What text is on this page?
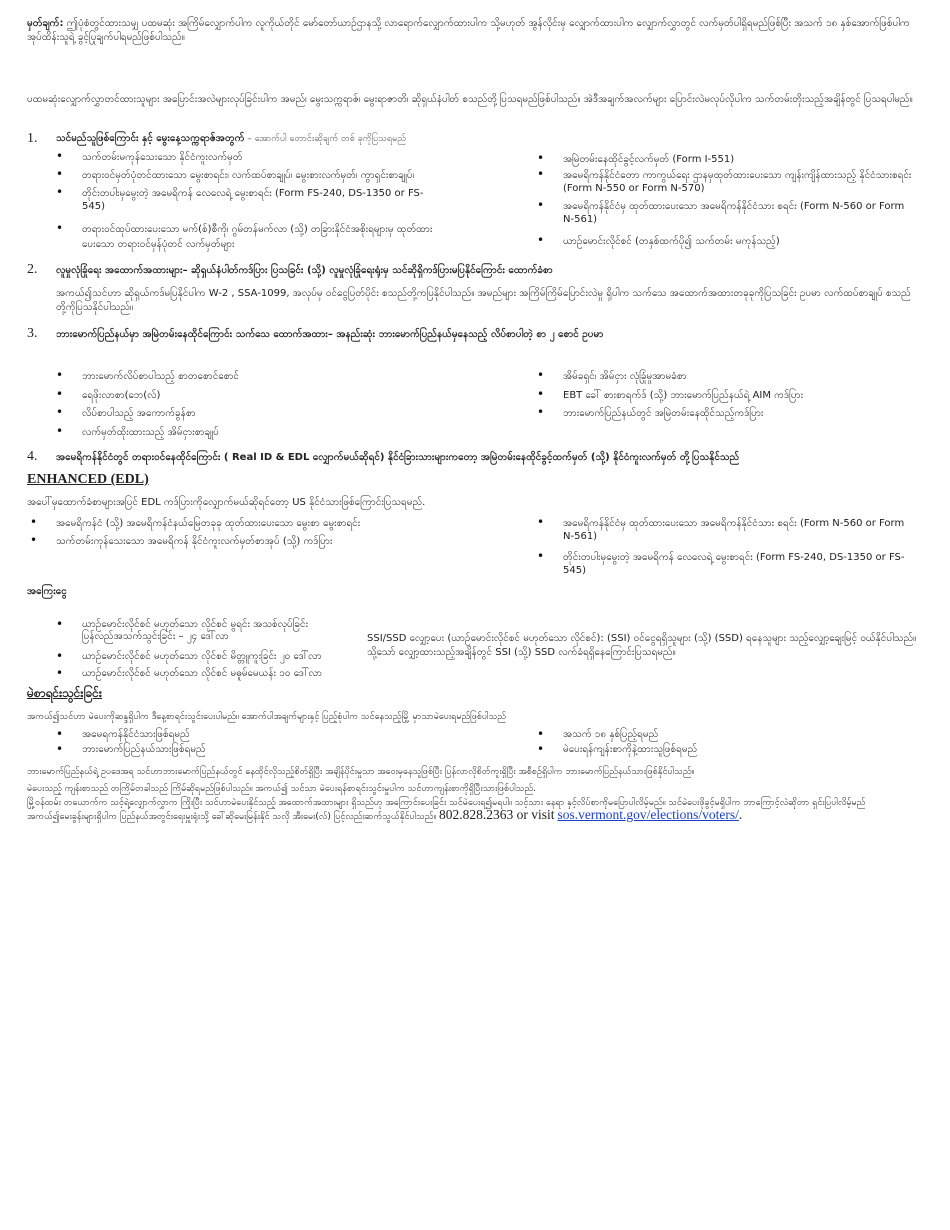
မှတ်ချက်: ဤပုံစံတွင်ထားသမျှ ပထမဆုံး အကြိမ်လျှောက်ပါက လူကိုယ်တိုင် မော်တော်ယာဉ်ဌာနသို့ လာရောက်လျှောက်ထားပါက သို့မဟုတ် အွန်လိုင်းမှ လျှောက်ထားပါက လျှောက်လွှာတွင် လက်မှတ်ပါရှိရမည်ဖြစ်ပြီး အသက် ၁၈ နှစ်အောက်ဖြစ်ပါက အုပ်ထိန်းသူရဲ့ ခွင့်ပြုချက်ပါရမည်ဖြစ်ပါသည်။
ပထမဆုံးလျှောက်လွှာတင်ထားသူများ အပြောင်းအလဲများလုပ်ခြင်းပါက အမည်၊ မွေးသက္ကရာဇ်၊ မွေးရာဇာတိ၊ ဆိုရှယ်နံပါတ် စသည်တို့ပြသရမည်ဖြစ်ပါသည်။ အဲဒီအချက်အလက်များ ပြောင်းလဲမလုပ်လိုပါက သက်တမ်းတိုးသည့်အချိန်တွင် ပြသရပါမည်။
1. သင်မည်သူဖြစ်ကြောင်း နှင့် မွေးနေ့သက္ကရာဇ်အတွက် – အောက်ပါ တောင်းဆိုချက် တစ် ခုကိုပြသရမည်
• သက်တမ်းမကုန်သေးသော နိုင်ငံကူးလက်မှတ်
• တရားဝင်မှတ်ပုံတင်ထားသော မွေးစာရင်း၊ လက်ထပ်စာချုပ်၊ မွေးစားလက်မှတ်၊ ကွာရှင်းစာချုပ်၊
• တိုင်းတပါးမှမွေးတဲ့ အမေရိကန် လေလေရဲ့ မွေးစာရင်း (Form FS-240, DS-1350 or FS-545)
• တရားဝင်ထုပ်ထားပေးသော မက်(စ်)စီကို၊ ဂွမ်တန်မက်လာ (သို့) တခြားနိုင်ငံအစိုးရများမှ ထုတ်ထားပေးသော တရားဝင်မှန်ပုံတင် လက်မှတ်များ
• အမြဲတမ်းနေထိုင်ခွင့်လက်မှတ် (Form I-551)
• အမေရိကန်နိုင်ငံတော ကာကွယ်ရေး ဌာနမှထုတ်ထားပေးသော ကျန်းကျိန်ထားသည့် နိုင်ငံသားစရင်း (Form N-550 or Form N-570)
• အမေရိကန်နိုင်ငံမှ ထုတ်ထားပေးသော အမေရိကန်နိုင်ငံသား စရင်း (Form N-560 or Form N-561)
• ယာဉ်မောင်းလိုင်စင် (တနှစ်ထက်ပို၍ သက်တမ်း မကုန်သည့်)
2. လူမှုလုံခြုံရေး အထောက်အထားများ– ဆိုရှယ်နံပါတ်ကဒ်ပြား ပြသခြင်း (သို့) လူမှုလုံခြုံရေးရုံးမှ သင်ဆိုရှိကဒ်ပြားမပြနိုင်ကြောင်း ထောက်ခံစာ
အကယ်၍သင်ဟာ ဆိုရှယ်ကဒ်မပြနိုင်ပါက W-2 , SSA-1099, အလုပ်မှ ဝင်ငွေပြတ်ပိုင်း စသည်တို့ကပြနိုင်ပါသည်။ အမည်များ အကြိမ်ကြိမ်ပြောင်းလဲမှု ရှိပါက သက်သေ အထောက်အထားတခုခုကိုပြသခြင်း ဥပမာ လက်ထပ်စာချုပ် စသည်တို့ကိုပြသနိုင်ပါသည်။
3. ဘားမောက်ပြည်နယ်မှာ အမြဲတမ်းနေထိုင်ကြောင်း သက်သေ ထောက်အထား– အနည်းဆုံး ဘားမောက်ပြည်နယ်မှနေသည့် လိပ်စာပါတဲ့ စာ ၂ စောင် ဥပမာ
• ဘားမောက်လိပ်စာပါသည့် စာတစောင်စောင်
• ရေဖိုးလာစာ(ဘေ(လ်)
• လိပ်စာပါသည့် အကောက်ခွန်စာ
• လက်မှတ်ထိုးထားသည့် အိမ်ငှားစာချုပ်
• အိမ်ခရှင်၊ အိမ်ငှား လုံခြုံမှုအာမခံစာ
• EBT ခေါ် စားစာရက်ဒ် (သို့) ဘားမောက်ပြည်နယ်ရဲ့ AIM ကဒ်ပြား
• ဘားမောက်ပြည်နယ်တွင် အမြဲတမ်းနေထိုင်သည့်ကဒ်ပြား
4. အမေရိကန်နိုင်ငံတွင် တရားဝင်နေထိုင်ကြောင်း ( Real ID & EDL လျှောက်မယ်ဆိုရင်) နိုင်ငံခြားသားများကတော့ အမြဲတမ်းနေထိုင်ခွင့်ထက်မှတ် (သို့) နိုင်ငံကူးလက်မှတ် တို့ပြသနိုင်သည်
ENHANCED (EDL)
အပေါ်မှထောက်ခံစာများအပြင် EDL ကဒ်ပြားကိုလျှောက်မယ်ဆိုရင်တော့ US နိုင်ငံသားဖြစ်ကြောင်းပြသရမည်.
• အမေရိကန်ငံ (သို့) အမေရိကန်ငံနယ်မြေတခုခု ထုတ်ထားပေးသော မွေးစာ မွေးစာရင်း
• သက်တမ်းကုန်သေးသော အမေရိကန် နိုင်ငံကူးလက်မှတ်စာအုပ် (သို့) ကဒ်ပြား
• အမေရိကန်နိုင်ငံမှ ထုတ်ထားပေးသော အမေရိကန်နိုင်ငံသား စရင်း (Form N-560 or Form N-561)
• တိုင်းတပါးမှမွေးတဲ့ အမေရိကန် လေလေရဲ့ မွေးစာရင်း (Form FS-240, DS-1350 or FS-545)
အကြေးငွေ
• ယာဉ်မောင်းလိုင်စင် မဟုတ်သော လိုင်စင် မွရင်း အသစ်လုပ်ခြင်း ပြန်လည်အသက်သွင်းခြင်း – ၂၄ ဒေါ်လာ
• ယာဉ်မောင်းလိုင်စင် မဟုတ်သော လိုင်စင် မိတ္တူကူးခြင်း ၂၀ ဒေါ်လာ
• ယာဉ်မောင်းလိုင်စင် မဟုတ်သော လိုင်စင် မဓူမ်မေယန်း ၁၀ ဒေါ်လာ
SSI/SSD လျှော့ပေး (ယာဉ်မောင်းလိုင်စင် မဟုတ်သော လိုင်စင်): (SSI) ဝင်ငွေရရှိသူများ (သို့) (SSD) ရနေသူများ သည့်လျှော့ချေးမြင့် ဝယ်နိုင်ပါသည်။ သို့သော် လျှော့ထားသည့်အချိန်တွင် SSI (သို့) SSD လက်ခံရရှိနေကြောင်းပြသရမည်။
မဲစာရင်းသွင်းခြင်း
အကယ်၍သင်ဟာ မဲပေးကိုဆန္ဒရှိပါက ဒီနေ့စာရင်းသွင်းပေးပါမည်။ အောက်ပါအချက်များနှင့် ပြည့်စုံပါက သင်နေသည့်မြို့ မှာသာမဲပေးရမည်ဖြစ်ပါသည်
• အမေရကန်နိုင်ငံသားဖြစ်ရမည်
• ဘားမောက်ပြည်နယ်သားဖြစ်ရမည်
• အသက် ၁၈ နှစ်ပြည့်ရမည်
• မဲပေးရန်ကျန်းစာကိုနဲ့ထားသူဖြစ်ရမည်
ဘားမောက်ပြည်နယ်ရဲ့ ဥပဒေအရ သင်ဟာဘားမောက်ပြည်နယ်တွင် နေထိုင်လိုသည့်စိတ်ရှိပြီး အချိန်ပိုင်းမှုသာ အဝေးမှနေသူဖြစ်ပြီး ပြန်လာလိုစိတ်ကူးရှိပြီး အစီစဉ်ရှိပါက ဘားမောက်ပြည်နယ်သားဖြစ်နိုင်ပါသည်။
မဲပေးသည့် ကျန်းစာသည် တကြိမ်တခါသည် ကြိမ်ဆိုရမည်ဖြစ်ပါသည်။ အကယ်၍ သင်သာ မဲပေးရန်စာရင်းသွင်းမှုပါက သင်ဟာကျန်းစာကိုရှိပြီးသားဖြစ်ပါသည်.
မြို့ဝန်ထမ်း တယောက်က သင့်ရဲ့လျှောက်လွှာက ကြိုးပြီး သင်ဟာမဲပေးနိုင်သည့် အထောက်အထားများ ရှိသည်ဟု အကြောင်းပေးခြင်း သင်မဲပေးရ၍မရပါ။ သင့်သား နေရာ နှင့်လိပ်စာကိုမပြောပါလိမ့်မည်။ သင်မဲပေးဖိုခွင့်မရှိပါက ဘာကြောင့်လဲဆိုတာ ရှင်းပြပါလိမ့်မည်
အကယ်၍မေးခွန်းများရှိပါက ပြည်နယ်အတွင်းရေးမှူးရုံးသို့ ခေါ်ဆိုမေးမြန်းနိုင် သလို အီးမေး(လ်) ပြင့်လည်းဆက်သွယ်နိုင်ပါသည်။ 802.828.2363 or visit sos.vermont.gov/elections/voters/.
